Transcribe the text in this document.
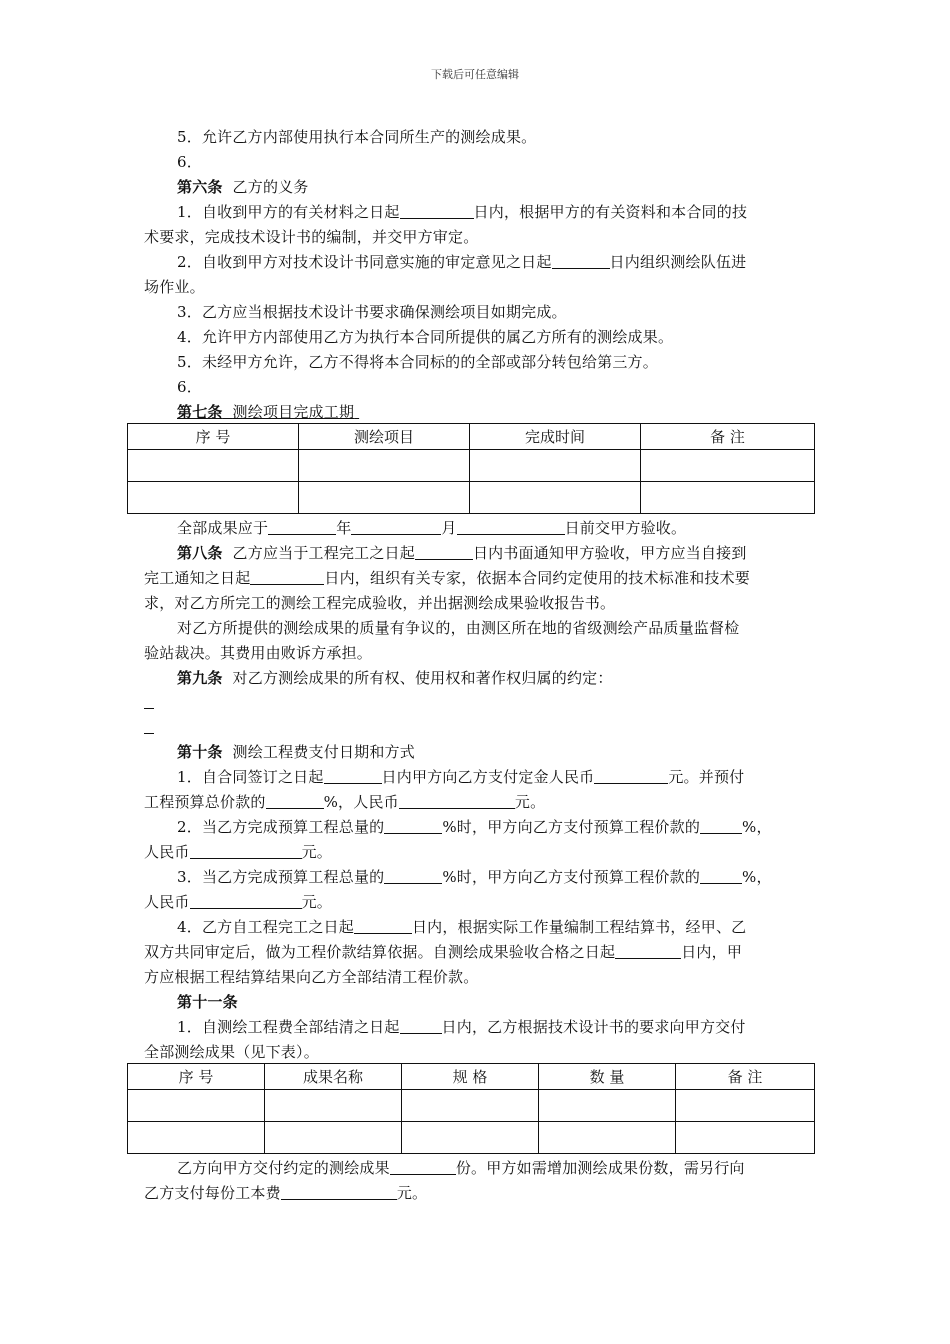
下载后可任意编辑
5．允许乙方内部使用执行本合同所生产的测绘成果。
6．
第六条 乙方的义务
1．自收到甲方的有关材料之日起	日内，根据甲方的有关资料和本合同的技
术要求，完成技术设计书的编制，并交甲方审定。
2．自收到甲方对技术设计书同意实施的审定意见之日起	日内组织测绘队伍进
场作业。
3．乙方应当根据技术设计书要求确保测绘项目如期完成。
4．允许甲方内部使用乙方为执行本合同所提供的属乙方所有的测绘成果。
5．未经甲方允许，乙方不得将本合同标的的全部或部分转包给第三方。
6．
第七条 测绘项目完成工期
序 号	测绘项目	完成时间	备 注

全部成果应于	年	月	日前交甲方验收。
第八条 乙方应当于工程完工之日起	日内书面通知甲方验收，甲方应当自接到
完工通知之日起	日内，组织有关专家，依据本合同约定使用的技术标准和技术要
求，对乙方所完工的测绘工程完成验收，并出据测绘成果验收报告书。
对乙方所提供的测绘成果的质量有争议的，由测区所在地的省级测绘产品质量监督检
验站裁决。其费用由败诉方承担。
第九条 对乙方测绘成果的所有权、使用权和著作权归属的约定：
第十条 测绘工程费支付日期和方式
1．自合同签订之日起	日内甲方向乙方支付定金人民币	元。并预付
工程预算总价款的	%，人民币	元。
2．当乙方完成预算工程总量的	%时，甲方向乙方支付预算工程价款的	%，
人民币	元。
3．当乙方完成预算工程总量的	%时，甲方向乙方支付预算工程价款的	%，
人民币	元。
4．乙方自工程完工之日起	日内，根据实际工作量编制工程结算书，经甲、乙
双方共同审定后，做为工程价款结算依据。自测绘成果验收合格之日起	日内，甲
方应根据工程结算结果向乙方全部结清工程价款。
第十一条
1．自测绘工程费全部结清之日起	日内，乙方根据技术设计书的要求向甲方交付
全部测绘成果（见下表）。
序 号	成果名称	规 格	数 量	备 注

乙方向甲方交付约定的测绘成果	份。甲方如需增加测绘成果份数，需另行向
乙方支付每份工本费	元。
